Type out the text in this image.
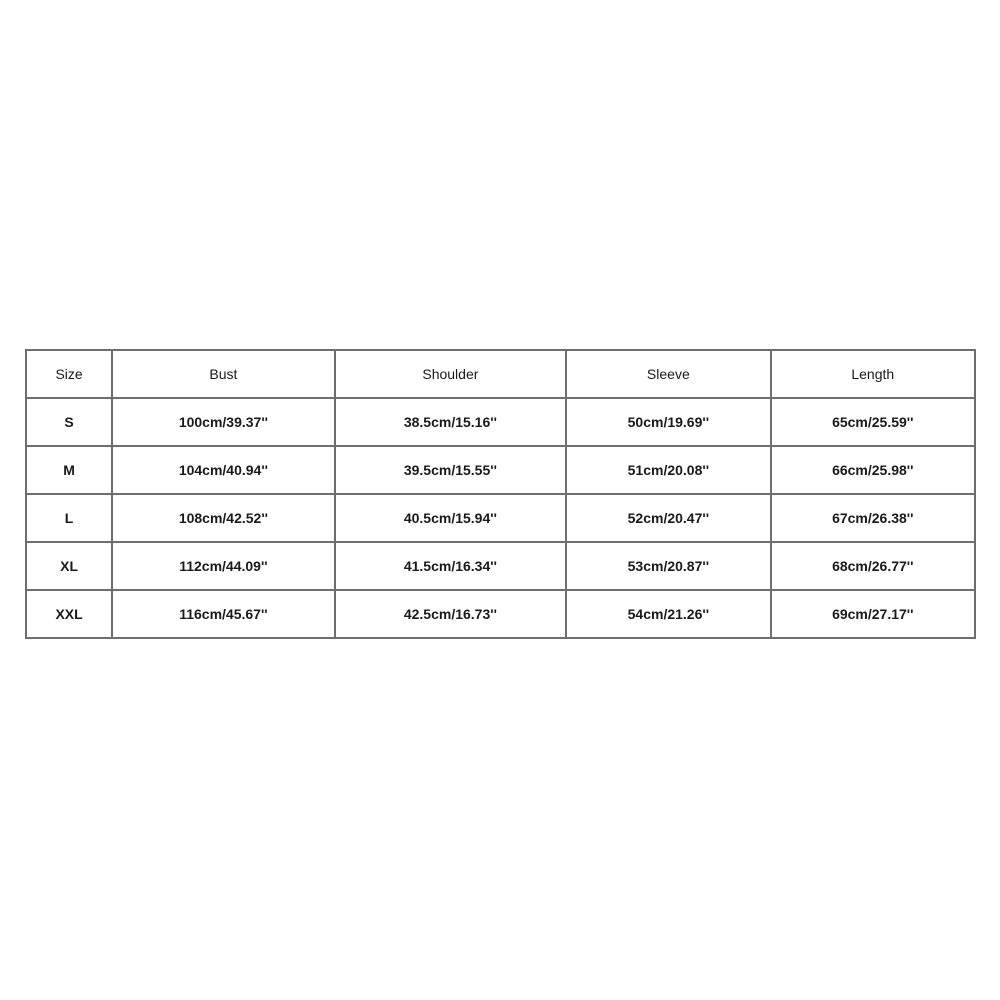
Size	Bust	Shoulder	Sleeve	Length
S	100cm/39.37''	38.5cm/15.16''	50cm/19.69''	65cm/25.59''
M	104cm/40.94''	39.5cm/15.55''	51cm/20.08''	66cm/25.98''
L	108cm/42.52''	40.5cm/15.94''	52cm/20.47''	67cm/26.38''
XL	112cm/44.09''	41.5cm/16.34''	53cm/20.87''	68cm/26.77''
XXL	116cm/45.67''	42.5cm/16.73''	54cm/21.26''	69cm/27.17''
